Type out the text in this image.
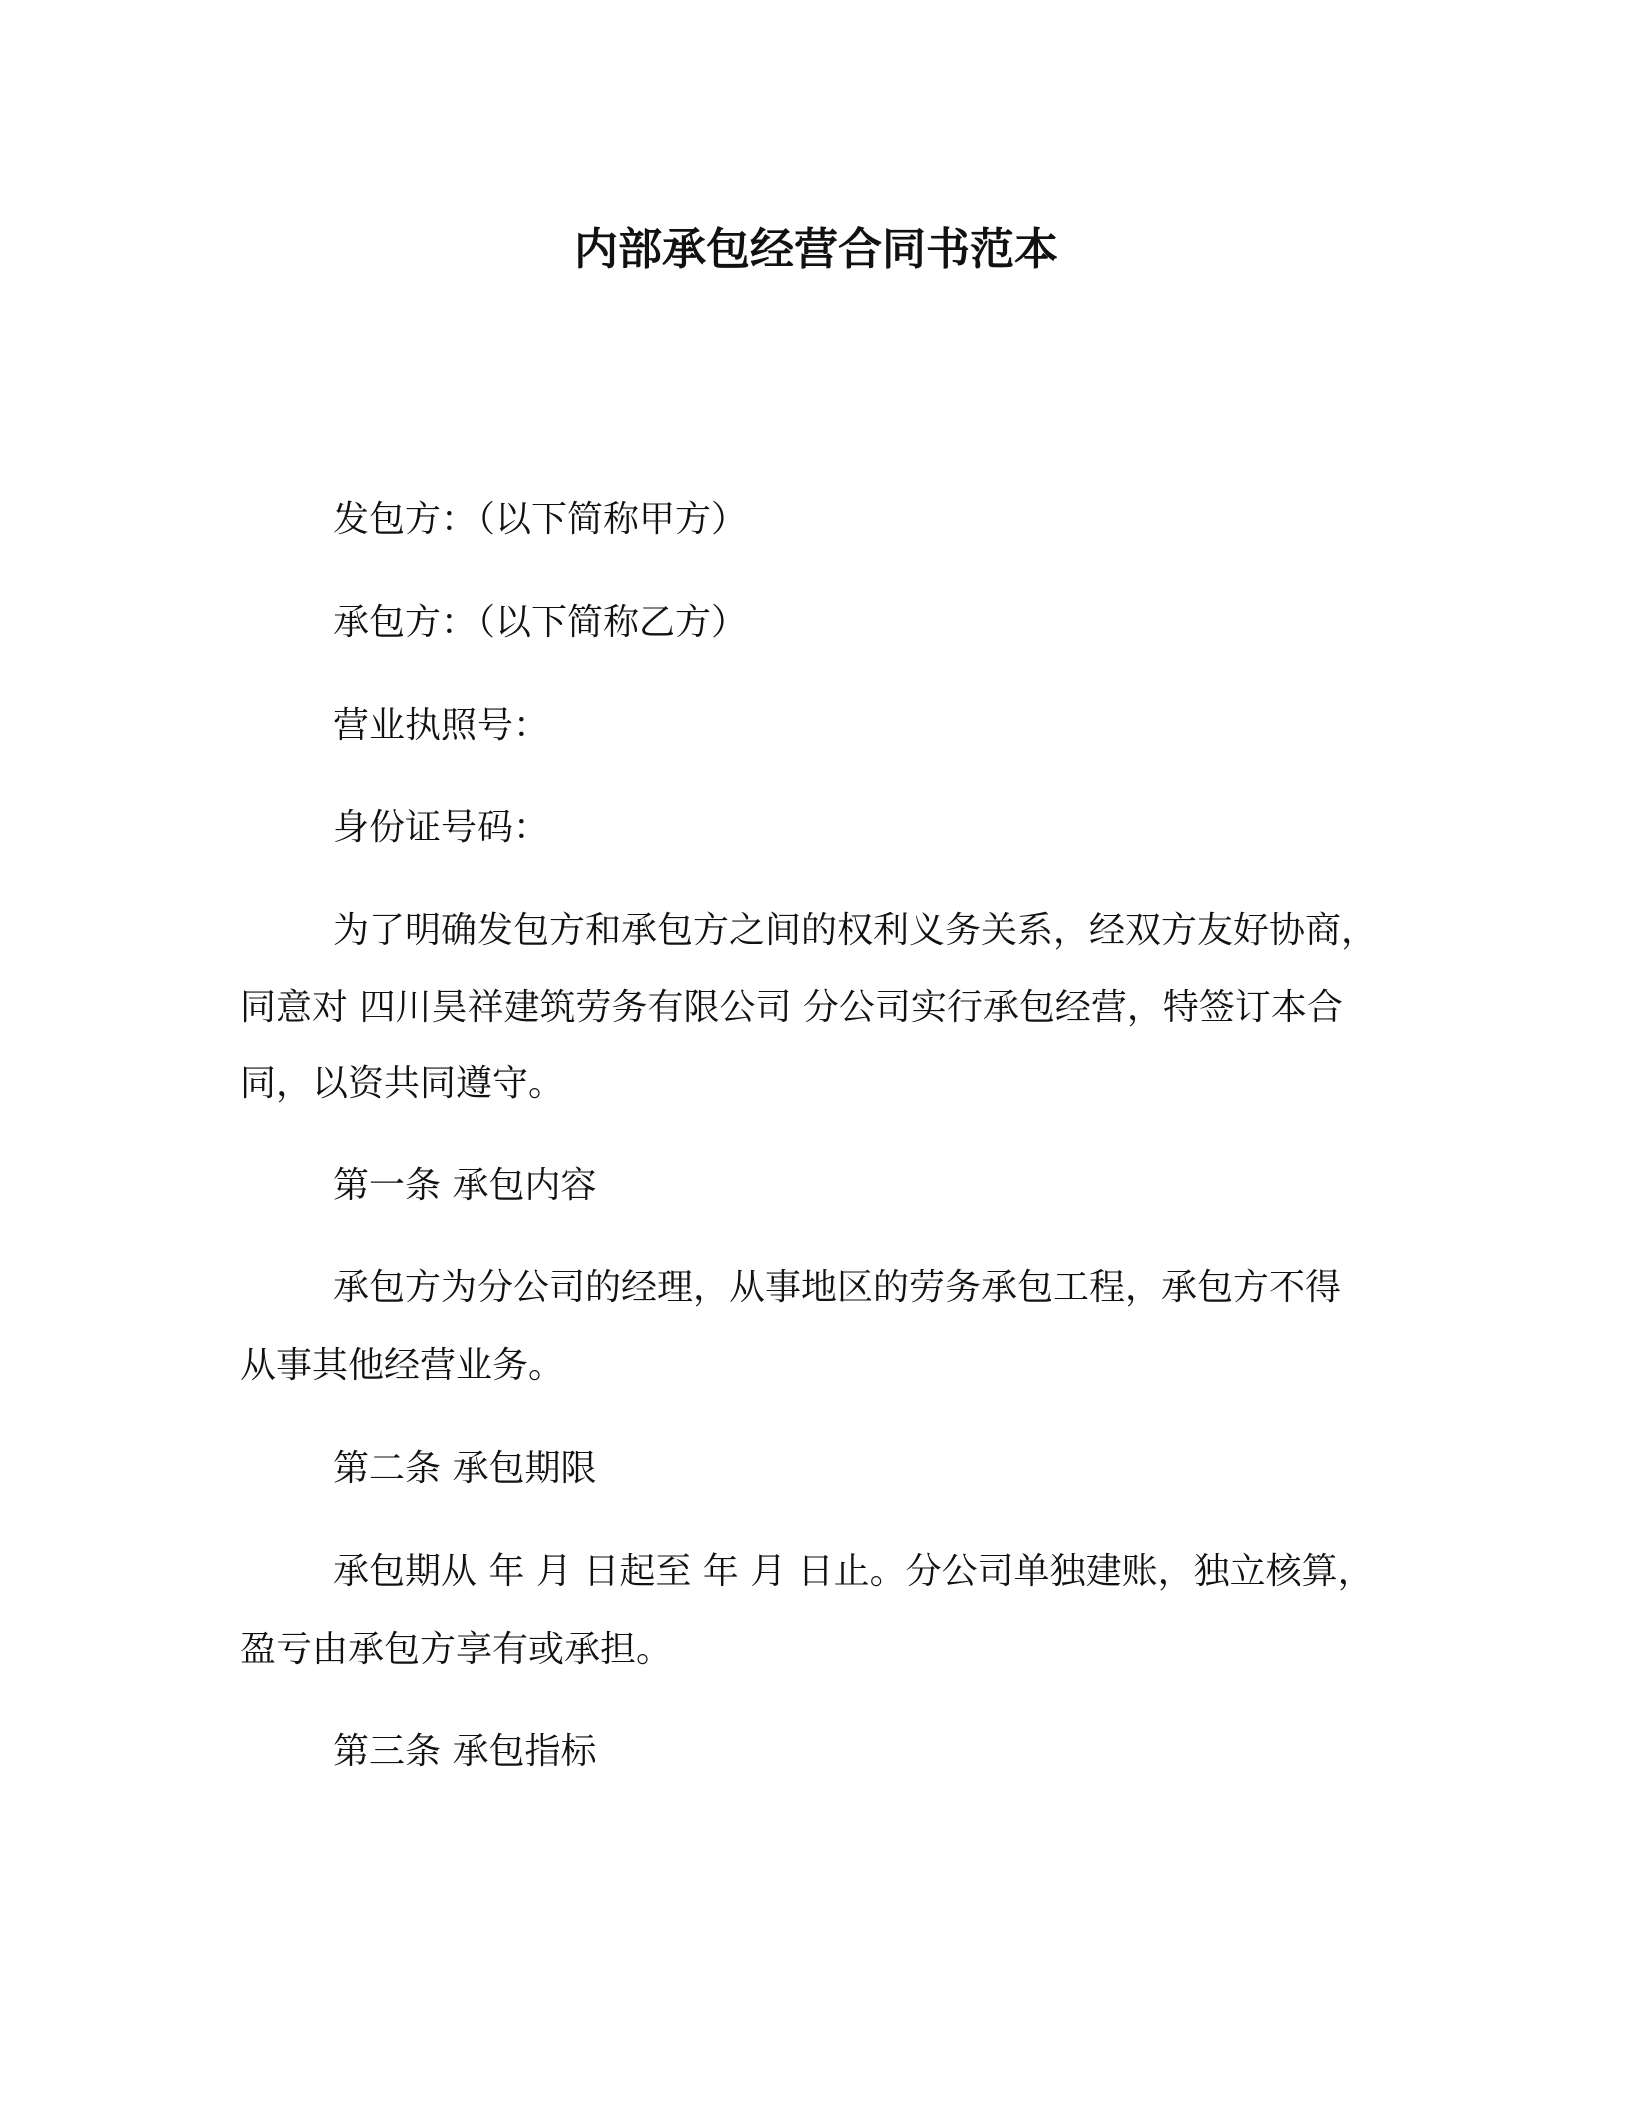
内部承包经营合同书范本
发包方：（以下简称甲方）
承包方：（以下简称乙方）
营业执照号：
身份证号码：
为了明确发包方和承包方之间的权利义务关系，经双方友好协商，
同意对 四川昊祥建筑劳务有限公司 分公司实行承包经营，特签订本合
同，以资共同遵守。
第一条 承包内容
承包方为分公司的经理，从事地区的劳务承包工程，承包方不得
从事其他经营业务。
第二条 承包期限
承包期从 年 月 日起至 年 月 日止。分公司单独建账，独立核算，
盈亏由承包方享有或承担。
第三条 承包指标
